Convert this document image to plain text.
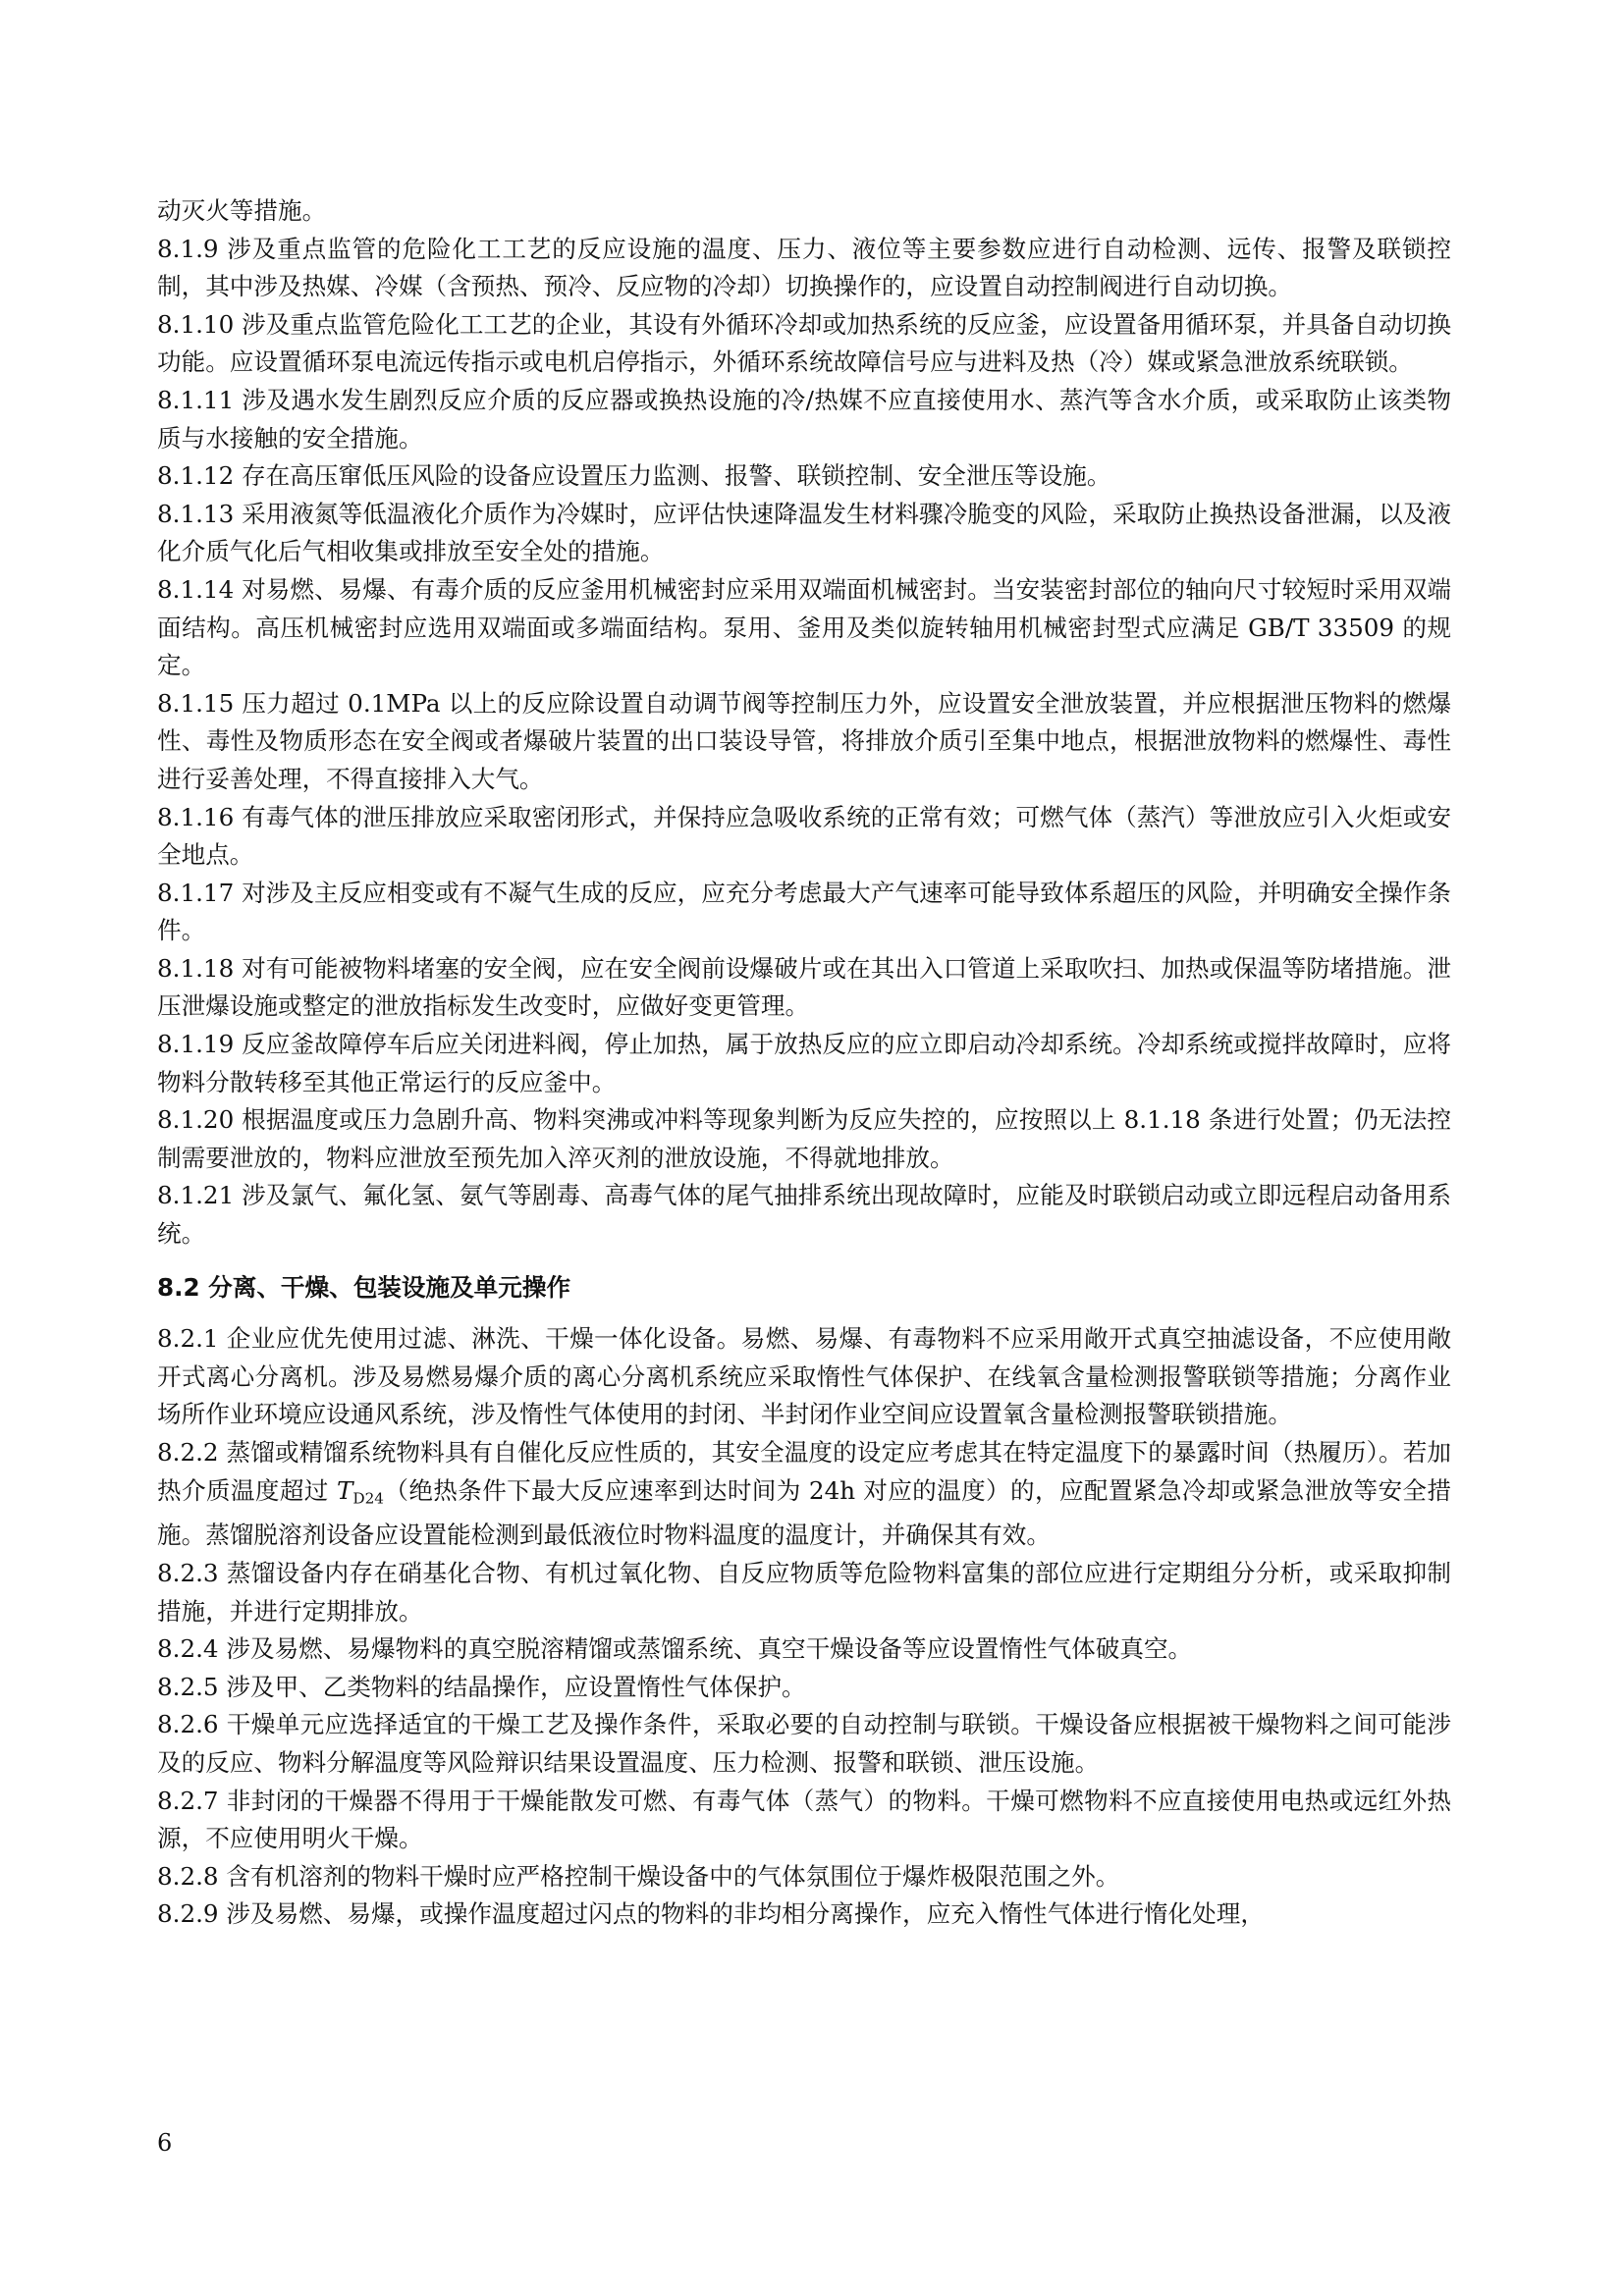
动灭火等措施。

8.1.9 涉及重点监管的危险化工工艺的反应设施的温度、压力、液位等主要参数应进行自动检测、远传、报警及联锁控制，其中涉及热媒、冷媒（含预热、预冷、反应物的冷却）切换操作的，应设置自动控制阀进行自动切换。

8.1.10 涉及重点监管危险化工工艺的企业，其设有外循环冷却或加热系统的反应釜，应设置备用循环泵，并具备自动切换功能。应设置循环泵电流远传指示或电机启停指示，外循环系统故障信号应与进料及热（冷）媒或紧急泄放系统联锁。

8.1.11 涉及遇水发生剧烈反应介质的反应器或换热设施的冷/热媒不应直接使用水、蒸汽等含水介质，或采取防止该类物质与水接触的安全措施。

8.1.12 存在高压窜低压风险的设备应设置压力监测、报警、联锁控制、安全泄压等设施。

8.1.13 采用液氮等低温液化介质作为冷媒时，应评估快速降温发生材料骤冷脆变的风险，采取防止换热设备泄漏，以及液化介质气化后气相收集或排放至安全处的措施。

8.1.14 对易燃、易爆、有毒介质的反应釜用机械密封应采用双端面机械密封。当安装密封部位的轴向尺寸较短时采用双端面结构。高压机械密封应选用双端面或多端面结构。泵用、釜用及类似旋转轴用机械密封型式应满足 GB/T 33509 的规定。

8.1.15 压力超过 0.1MPa 以上的反应除设置自动调节阀等控制压力外，应设置安全泄放装置，并应根据泄压物料的燃爆性、毒性及物质形态在安全阀或者爆破片装置的出口装设导管，将排放介质引至集中地点，根据泄放物料的燃爆性、毒性进行妥善处理，不得直接排入大气。

8.1.16 有毒气体的泄压排放应采取密闭形式，并保持应急吸收系统的正常有效；可燃气体（蒸汽）等泄放应引入火炬或安全地点。

8.1.17 对涉及主反应相变或有不凝气生成的反应，应充分考虑最大产气速率可能导致体系超压的风险，并明确安全操作条件。

8.1.18 对有可能被物料堵塞的安全阀，应在安全阀前设爆破片或在其出入口管道上采取吹扫、加热或保温等防堵措施。泄压泄爆设施或整定的泄放指标发生改变时，应做好变更管理。

8.1.19 反应釜故障停车后应关闭进料阀，停止加热，属于放热反应的应立即启动冷却系统。冷却系统或搅拌故障时，应将物料分散转移至其他正常运行的反应釜中。

8.1.20 根据温度或压力急剧升高、物料突沸或冲料等现象判断为反应失控的，应按照以上 8.1.18 条进行处置；仍无法控制需要泄放的，物料应泄放至预先加入淬灭剂的泄放设施，不得就地排放。

8.1.21 涉及氯气、氟化氢、氨气等剧毒、高毒气体的尾气抽排系统出现故障时，应能及时联锁启动或立即远程启动备用系统。

8.2 分离、干燥、包装设施及单元操作

8.2.1 企业应优先使用过滤、淋洗、干燥一体化设备。易燃、易爆、有毒物料不应采用敞开式真空抽滤设备，不应使用敞开式离心分离机。涉及易燃易爆介质的离心分离机系统应采取惰性气体保护、在线氧含量检测报警联锁等措施；分离作业场所作业环境应设通风系统，涉及惰性气体使用的封闭、半封闭作业空间应设置氧含量检测报警联锁措施。

8.2.2 蒸馏或精馏系统物料具有自催化反应性质的，其安全温度的设定应考虑其在特定温度下的暴露时间（热履历）。若加热介质温度超过 $T_{D24}$（绝热条件下最大反应速率到达时间为 24h 对应的温度）的，应配置紧急冷却或紧急泄放等安全措施。蒸馏脱溶剂设备应设置能检测到最低液位时物料温度的温度计，并确保其有效。

8.2.3 蒸馏设备内存在硝基化合物、有机过氧化物、自反应物质等危险物料富集的部位应进行定期组分分析，或采取抑制措施，并进行定期排放。

8.2.4 涉及易燃、易爆物料的真空脱溶精馏或蒸馏系统、真空干燥设备等应设置惰性气体破真空。

8.2.5 涉及甲、乙类物料的结晶操作，应设置惰性气体保护。

8.2.6 干燥单元应选择适宜的干燥工艺及操作条件，采取必要的自动控制与联锁。干燥设备应根据被干燥物料之间可能涉及的反应、物料分解温度等风险辩识结果设置温度、压力检测、报警和联锁、泄压设施。

8.2.7 非封闭的干燥器不得用于干燥能散发可燃、有毒气体（蒸气）的物料。干燥可燃物料不应直接使用电热或远红外热源，不应使用明火干燥。

8.2.8 含有机溶剂的物料干燥时应严格控制干燥设备中的气体氛围位于爆炸极限范围之外。

8.2.9 涉及易燃、易爆，或操作温度超过闪点的物料的非均相分离操作，应充入惰性气体进行惰化处理，

6
